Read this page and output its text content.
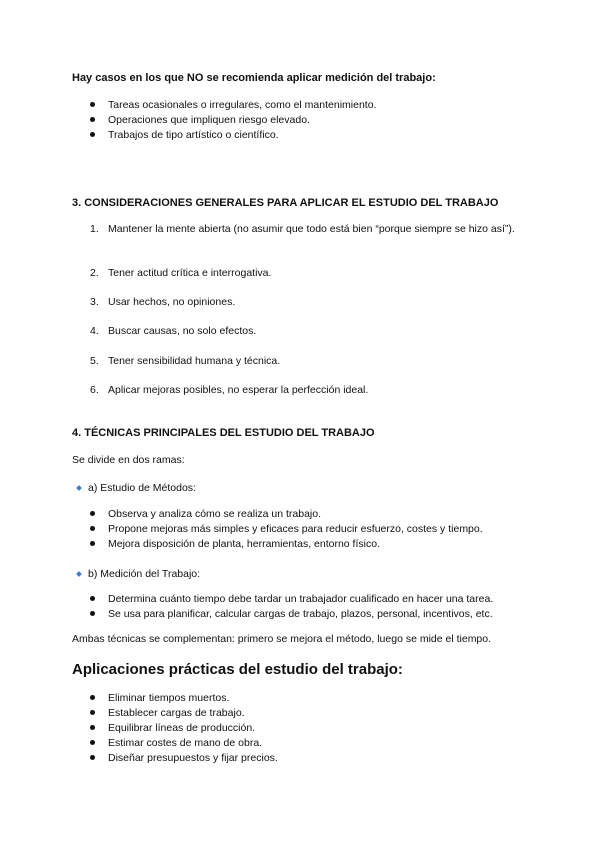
Hay casos en los que NO se recomienda aplicar medición del trabajo:
Tareas ocasionales o irregulares, como el mantenimiento.
Operaciones que impliquen riesgo elevado.
Trabajos de tipo artístico o científico.
3. CONSIDERACIONES GENERALES PARA APLICAR EL ESTUDIO DEL TRABAJO
1. Mantener la mente abierta (no asumir que todo está bien “porque siempre se hizo así”).
2. Tener actitud crítica e interrogativa.
3. Usar hechos, no opiniones.
4. Buscar causas, no solo efectos.
5. Tener sensibilidad humana y técnica.
6. Aplicar mejoras posibles, no esperar la perfección ideal.
4. TÉCNICAS PRINCIPALES DEL ESTUDIO DEL TRABAJO
Se divide en dos ramas:
a) Estudio de Métodos:
Observa y analiza cómo se realiza un trabajo.
Propone mejoras más simples y eficaces para reducir esfuerzo, costes y tiempo.
Mejora disposición de planta, herramientas, entorno físico.
b) Medición del Trabajo:
Determina cuánto tiempo debe tardar un trabajador cualificado en hacer una tarea.
Se usa para planificar, calcular cargas de trabajo, plazos, personal, incentivos, etc.
Ambas técnicas se complementan: primero se mejora el método, luego se mide el tiempo.
Aplicaciones prácticas del estudio del trabajo:
Eliminar tiempos muertos.
Establecer cargas de trabajo.
Equilibrar líneas de producción.
Estimar costes de mano de obra.
Diseñar presupuestos y fijar precios.
